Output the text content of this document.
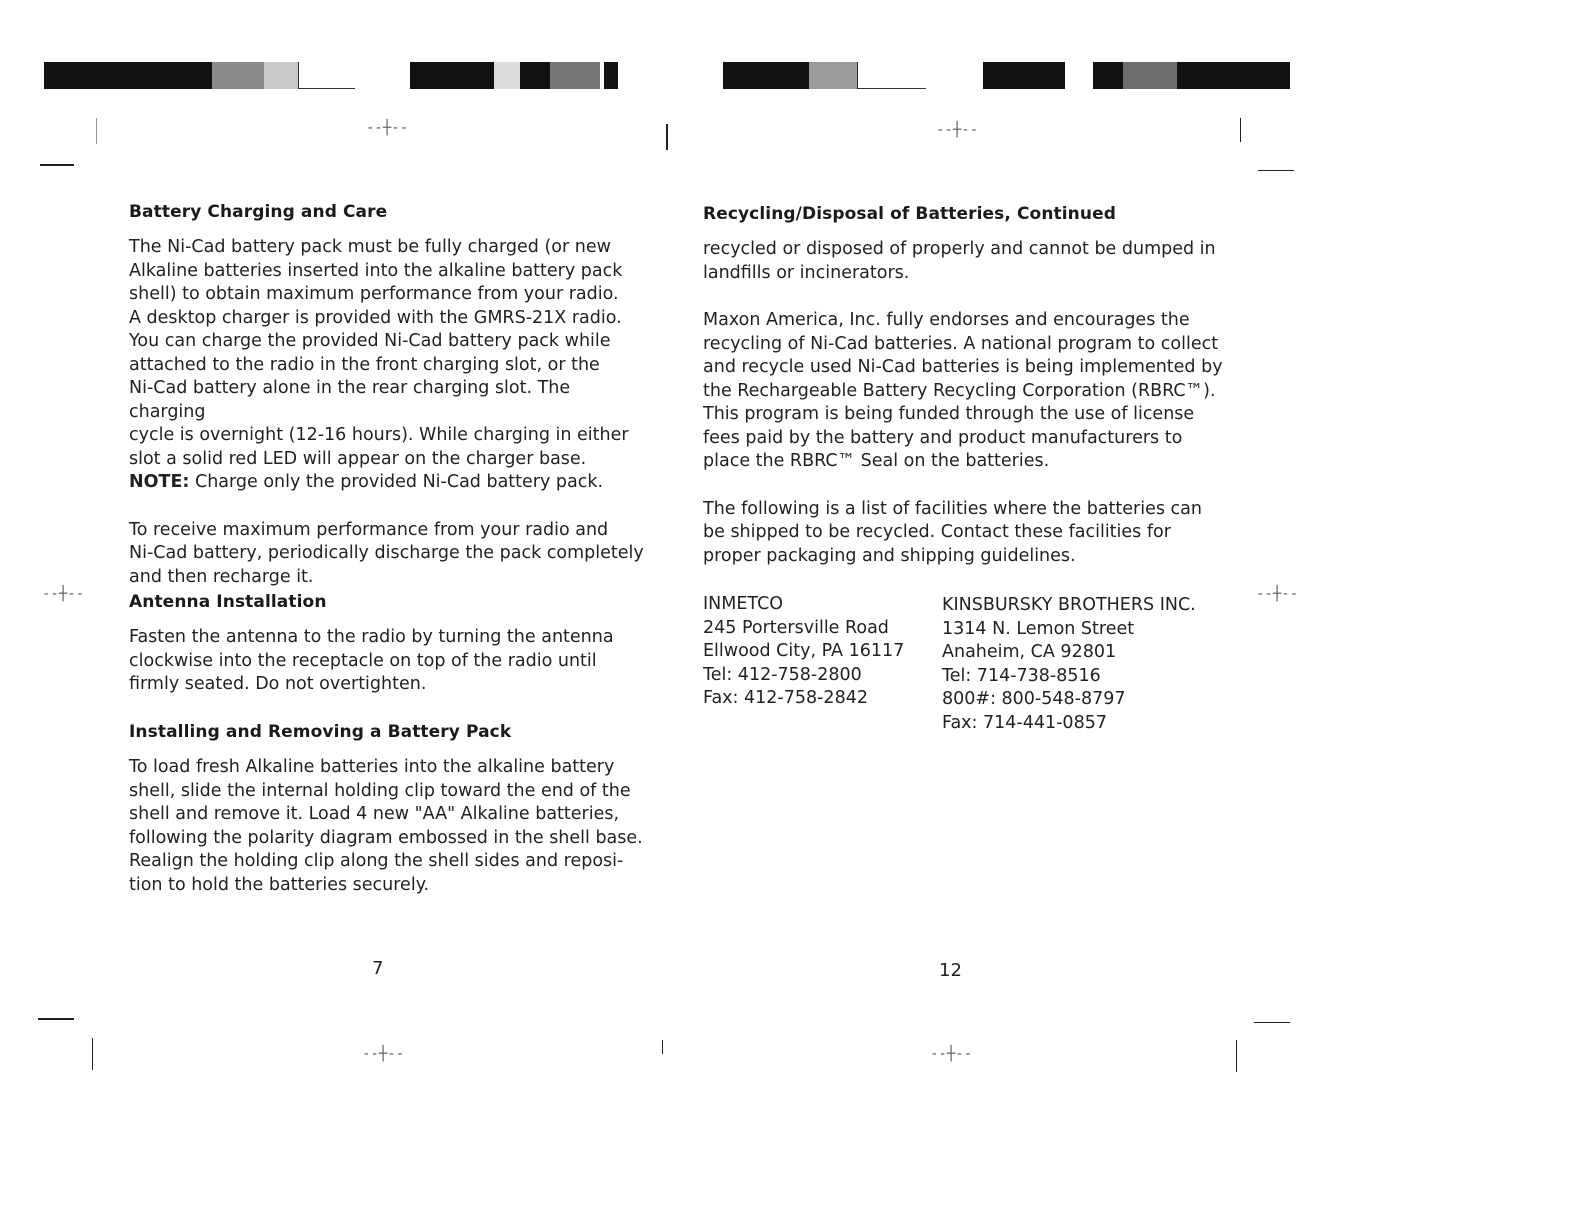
-‑┼‑-	-‑┼‑-
-‑┼‑-	-‑┼‑-
-‑┼‑-	-‑┼‑-
Battery Charging and Care

The Ni-Cad battery pack must be fully charged (or new
Alkaline batteries inserted into the alkaline battery pack
shell) to obtain maximum performance from your radio.
A desktop charger is provided with the GMRS-21X radio.
You can charge the provided Ni-Cad battery pack while
attached to the radio in the front charging slot, or the
Ni-Cad battery alone in the rear charging slot. The charging
cycle is overnight (12-16 hours). While charging in either
slot a solid red LED will appear on the charger base.
NOTE: Charge only the provided Ni-Cad battery pack.

To receive maximum performance from your radio and
Ni-Cad battery, periodically discharge the pack completely
and then recharge it.

Antenna Installation

Fasten the antenna to the radio by turning the antenna
clockwise into the receptacle on top of the radio until
firmly seated. Do not overtighten.

Installing and Removing a Battery Pack

To load fresh Alkaline batteries into the alkaline battery
shell, slide the internal holding clip toward the end of the
shell and remove it. Load 4 new "AA" Alkaline batteries,
following the polarity diagram embossed in the shell base.
Realign the holding clip along the shell sides and reposi-
tion to hold the batteries securely.

7
Recycling/Disposal of Batteries, Continued

recycled or disposed of properly and cannot be dumped in
landfills or incinerators.

Maxon America, Inc. fully endorses and encourages the
recycling of Ni-Cad batteries. A national program to collect
and recycle used Ni-Cad batteries is being implemented by
the Rechargeable Battery Recycling Corporation (RBRC™).
This program is being funded through the use of license
fees paid by the battery and product manufacturers to
place the RBRC™ Seal on the batteries.

The following is a list of facilities where the batteries can
be shipped to be recycled. Contact these facilities for
proper packaging and shipping guidelines.

INMETCO
245 Portersville Road
Ellwood City, PA 16117
Tel: 412-758-2800
Fax: 412-758-2842
KINSBURSKY BROTHERS INC.
1314 N. Lemon Street
Anaheim, CA 92801
Tel: 714-738-8516
800#: 800-548-8797
Fax: 714-441-0857
12
